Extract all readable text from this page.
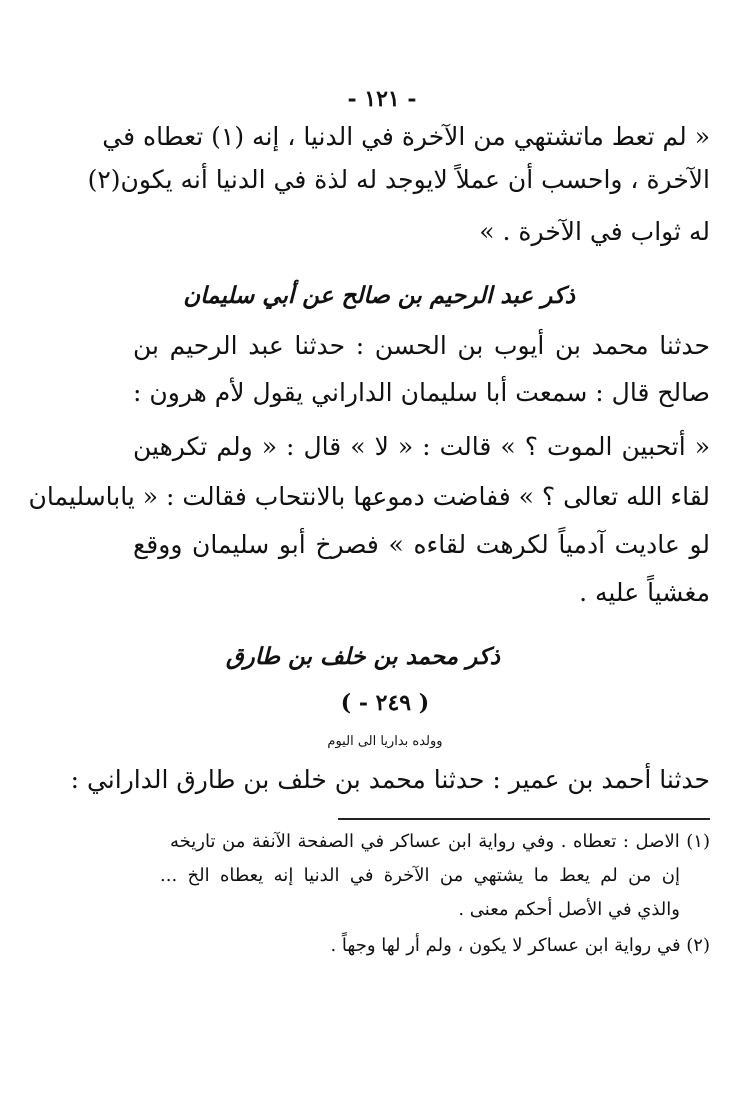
- ١٢١ -
« لم تعط ماتشتهي من الآخرة في الدنيا ، إنه (١) تعطاه في
الآخرة ، واحسب أن عملاً لايوجد له لذة في الدنيا أنه يكون(٢)
له ثواب في الآخرة . »
ذكر عبد الرحيم بن صالح عن أبي سليمان
حدثنا محمد بن أيوب بن الحسن : حدثنا عبد الرحيم بن
صالح قال : سمعت أبا سليمان الداراني يقول لأم هرون :
« أتحبين الموت ؟ » قالت : « لا » قال : « ولم تكرهين
لقاء الله تعالى ؟ » ففاضت دموعها بالانتحاب فقالت : « ياباسليمان
لو عاديت آدمياً لكرهت لقاءه » فصرخ أبو سليمان ووقع
مغشياً عليه .
ذكر محمد بن خلف بن طارق
( - ٢٤٩ )
وولده بداريا الى اليوم
حدثنا أحمد بن عمير : حدثنا محمد بن خلف بن طارق الداراني :
(١) الاصل : تعطاه . وفي رواية ابن عساكر في الصفحة الآنفة من تاريخه
إن من لم يعط ما يشتهي من الآخرة في الدنيا إنه يعطاه الخ ...
والذي في الأصل أحكم معنى .
(٢) في رواية ابن عساكر لا يكون ، ولم أر لها وجهاً .
